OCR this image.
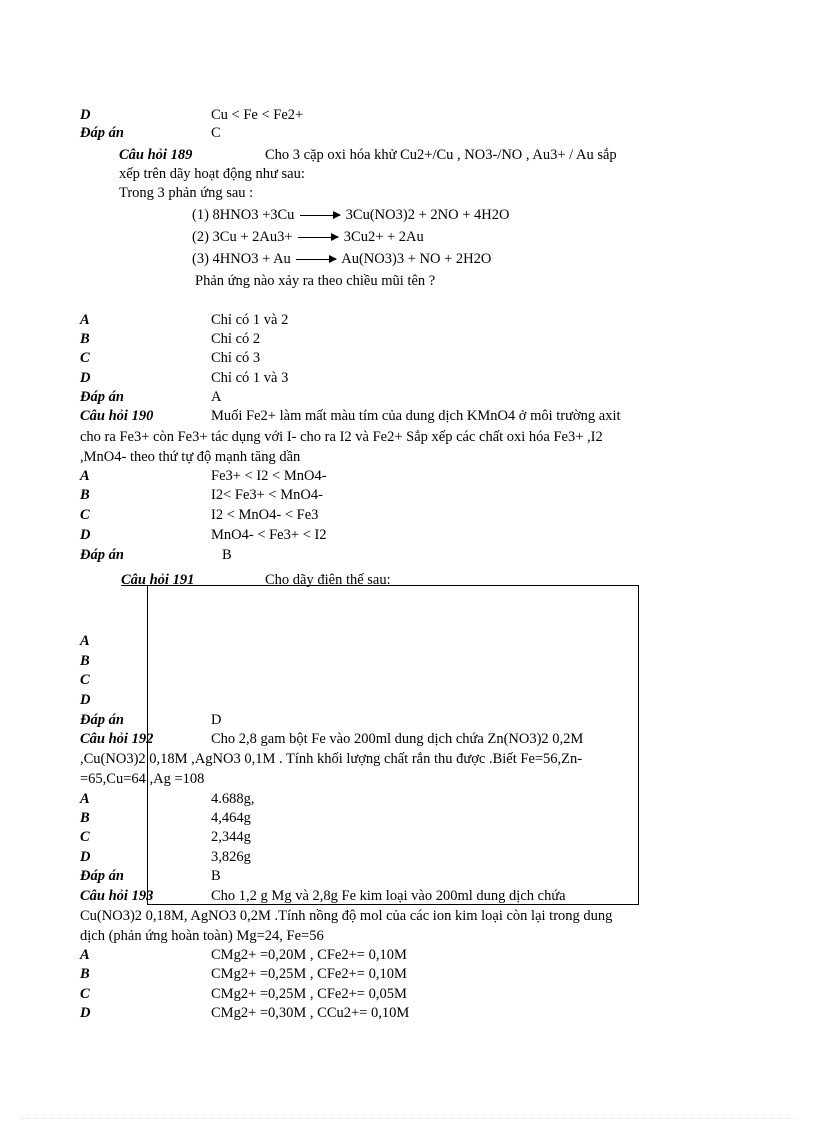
D	Cu < Fe < Fe2+
Đáp án	C
Câu hỏi 189	Cho 3 cặp oxi hóa khử Cu2+/Cu , NO3-/NO , Au3+ / Au sắp
xếp trên dãy hoạt động như sau:
Trong 3 phản ứng sau :
(1) 8HNO3 +3Cu	3Cu(NO3)2 + 2NO + 4H2O
(2) 3Cu + 2Au3+	3Cu2+ + 2Au
(3) 4HNO3 + Au	Au(NO3)3 + NO + 2H2O
Phản ứng nào xảy ra theo chiều mũi tên ?
A	Chỉ có 1 và 2
B	Chỉ có 2
C	Chỉ có 3
D	Chỉ có 1 và 3
Đáp án	A
Câu hỏi 190	Muối Fe2+ làm mất màu tím của dung dịch KMnO4 ở môi trường axit
cho ra Fe3+ còn Fe3+ tác dụng với I- cho ra I2 và Fe2+ Sắp xếp các chất oxi hóa Fe3+ ,I2
,MnO4- theo thứ tự độ mạnh tăng dần
A	Fe3+ < I2 < MnO4-
B	I2< Fe3+ < MnO4-
C	I2 < MnO4- < Fe3
D	MnO4- < Fe3+ < I2
Đáp án	B
Câu hỏi 191	Cho dãy điên thế sau:
A
B
C
D
Đáp án	D
Câu hỏi 192	Cho 2,8 gam bột Fe vào 200ml dung dịch chứa Zn(NO3)2 0,2M
,Cu(NO3)2 0,18M ,AgNO3 0,1M . Tính khối lượng chất rắn thu được .Biết Fe=56,Zn-
=65,Cu=64 ,Ag =108
A	4.688g,
B	4,464g
C	2,344g
D	3,826g
Đáp án	B
Câu hỏi 193	Cho 1,2 g Mg và 2,8g Fe kim loại vào 200ml dung dịch chứa
Cu(NO3)2 0,18M, AgNO3 0,2M .Tính nồng độ mol của các ion kim loại còn lại trong dung
dịch (phản ứng hoàn toàn) Mg=24, Fe=56
A	CMg2+ =0,20M , CFe2+= 0,10M
B	CMg2+ =0,25M , CFe2+= 0,10M
C	CMg2+ =0,25M , CFe2+= 0,05M
D	CMg2+ =0,30M , CCu2+= 0,10M
